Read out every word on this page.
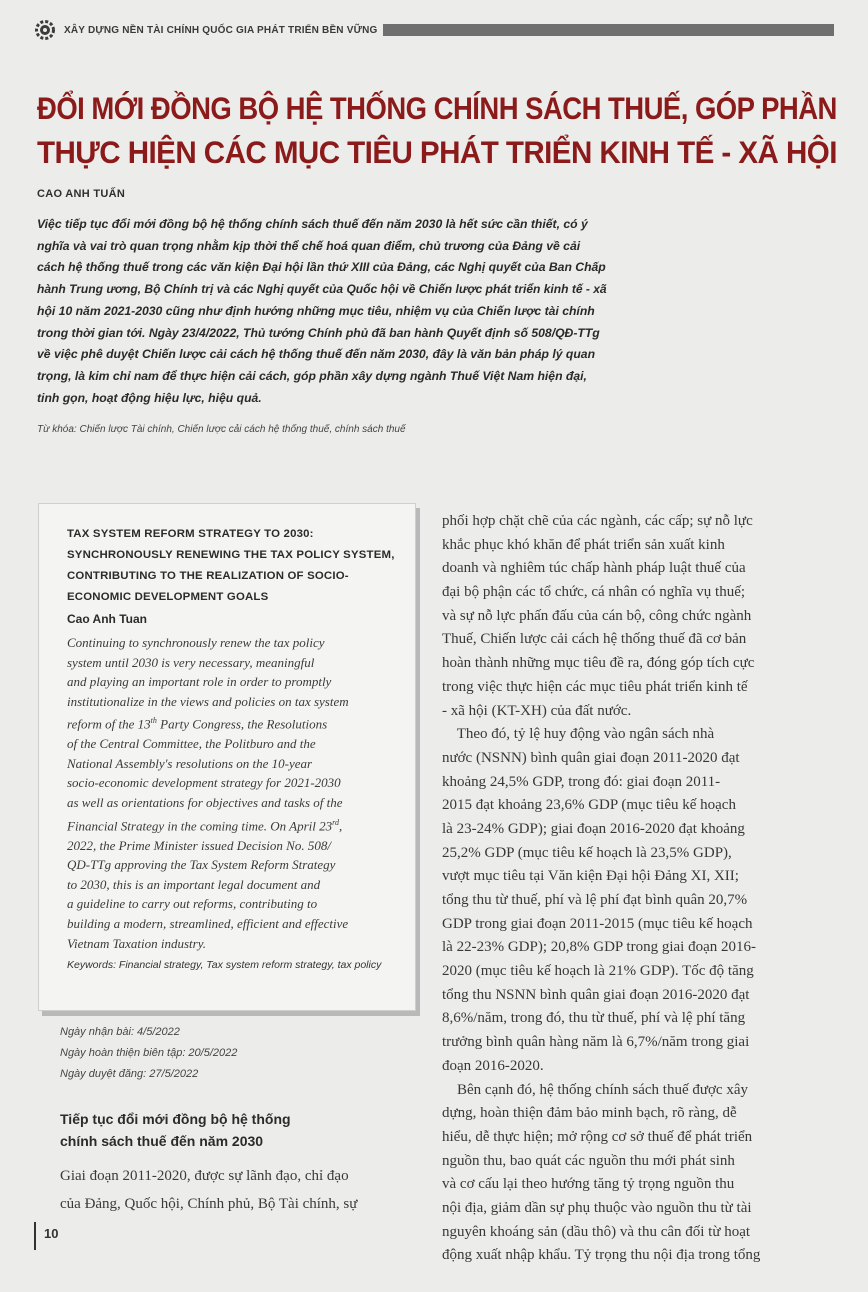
XÂY DỰNG NỀN TÀI CHÍNH QUỐC GIA PHÁT TRIỂN BỀN VỮNG
ĐỔI MỚI ĐỒNG BỘ HỆ THỐNG CHÍNH SÁCH THUẾ, GÓP PHẦN
THỰC HIỆN CÁC MỤC TIÊU PHÁT TRIỂN KINH TẾ - XÃ HỘI
CAO ANH TUẤN
Việc tiếp tục đổi mới đồng bộ hệ thống chính sách thuế đến năm 2030 là hết sức cần thiết, có ý
nghĩa và vai trò quan trọng nhằm kịp thời thể chế hoá quan điểm, chủ trương của Đảng về cải
cách hệ thống thuế trong các văn kiện Đại hội lần thứ XIII của Đảng, các Nghị quyết của Ban Chấp
hành Trung ương, Bộ Chính trị và các Nghị quyết của Quốc hội về Chiến lược phát triển kinh tế - xã
hội 10 năm 2021-2030 cũng như định hướng những mục tiêu, nhiệm vụ của Chiến lược tài chính
trong thời gian tới. Ngày 23/4/2022, Thủ tướng Chính phủ đã ban hành Quyết định số 508/QĐ-TTg
về việc phê duyệt Chiến lược cải cách hệ thống thuế đến năm 2030, đây là văn bản pháp lý quan
trọng, là kim chỉ nam để thực hiện cải cách, góp phần xây dựng ngành Thuế Việt Nam hiện đại,
tinh gọn, hoạt động hiệu lực, hiệu quả.
Từ khóa: Chiến lược Tài chính, Chiến lược cải cách hệ thống thuế, chính sách thuế
TAX SYSTEM REFORM STRATEGY TO 2030:
SYNCHRONOUSLY RENEWING THE TAX POLICY SYSTEM,
CONTRIBUTING TO THE REALIZATION OF SOCIO-
ECONOMIC DEVELOPMENT GOALS
Cao Anh Tuan
Continuing to synchronously renew the tax policy
system until 2030 is very necessary, meaningful
and playing an important role in order to promptly
institutionalize in the views and policies on tax system
reform of the 13th Party Congress, the Resolutions
of the Central Committee, the Politburo and the
National Assembly's resolutions on the 10-year
socio-economic development strategy for 2021-2030
as well as orientations for objectives and tasks of the
Financial Strategy in the coming time. On April 23rd,
2022, the Prime Minister issued Decision No. 508/
QD-TTg approving the Tax System Reform Strategy
to 2030, this is an important legal document and
a guideline to carry out reforms, contributing to
building a modern, streamlined, efficient and effective
Vietnam Taxation industry.
Keywords: Financial strategy, Tax system reform strategy, tax policy
Ngày nhận bài: 4/5/2022
Ngày hoàn thiện biên tập: 20/5/2022
Ngày duyệt đăng: 27/5/2022
Tiếp tục đổi mới đồng bộ hệ thống
chính sách thuế đến năm 2030
Giai đoạn 2011-2020, được sự lãnh đạo, chỉ đạo
của Đảng, Quốc hội, Chính phủ, Bộ Tài chính, sự
phối hợp chặt chẽ của các ngành, các cấp; sự nỗ lực
khắc phục khó khăn để phát triển sản xuất kinh
doanh và nghiêm túc chấp hành pháp luật thuế của
đại bộ phận các tổ chức, cá nhân có nghĩa vụ thuế;
và sự nỗ lực phấn đấu của cán bộ, công chức ngành
Thuế, Chiến lược cải cách hệ thống thuế đã cơ bản
hoàn thành những mục tiêu đề ra, đóng góp tích cực
trong việc thực hiện các mục tiêu phát triển kinh tế
- xã hội (KT-XH) của đất nước.
Theo đó, tỷ lệ huy động vào ngân sách nhà
nước (NSNN) bình quân giai đoạn 2011-2020 đạt
khoảng 24,5% GDP, trong đó: giai đoạn 2011-
2015 đạt khoảng 23,6% GDP (mục tiêu kế hoạch
là 23-24% GDP); giai đoạn 2016-2020 đạt khoảng
25,2% GDP (mục tiêu kế hoạch là 23,5% GDP),
vượt mục tiêu tại Văn kiện Đại hội Đảng XI, XII;
tổng thu từ thuế, phí và lệ phí đạt bình quân 20,7%
GDP trong giai đoạn 2011-2015 (mục tiêu kế hoạch
là 22-23% GDP); 20,8% GDP trong giai đoạn 2016-
2020 (mục tiêu kế hoạch là 21% GDP). Tốc độ tăng
tổng thu NSNN bình quân giai đoạn 2016-2020 đạt
8,6%/năm, trong đó, thu từ thuế, phí và lệ phí tăng
trưởng bình quân hàng năm là 6,7%/năm trong giai
đoạn 2016-2020.
Bên cạnh đó, hệ thống chính sách thuế được xây
dựng, hoàn thiện đảm bảo minh bạch, rõ ràng, dễ
hiểu, dễ thực hiện; mở rộng cơ sở thuế để phát triển
nguồn thu, bao quát các nguồn thu mới phát sinh
và cơ cấu lại theo hướng tăng tỷ trọng nguồn thu
nội địa, giảm dần sự phụ thuộc vào nguồn thu từ tài
nguyên khoáng sản (dầu thô) và thu cân đối từ hoạt
động xuất nhập khẩu. Tỷ trọng thu nội địa trong tổng
10
